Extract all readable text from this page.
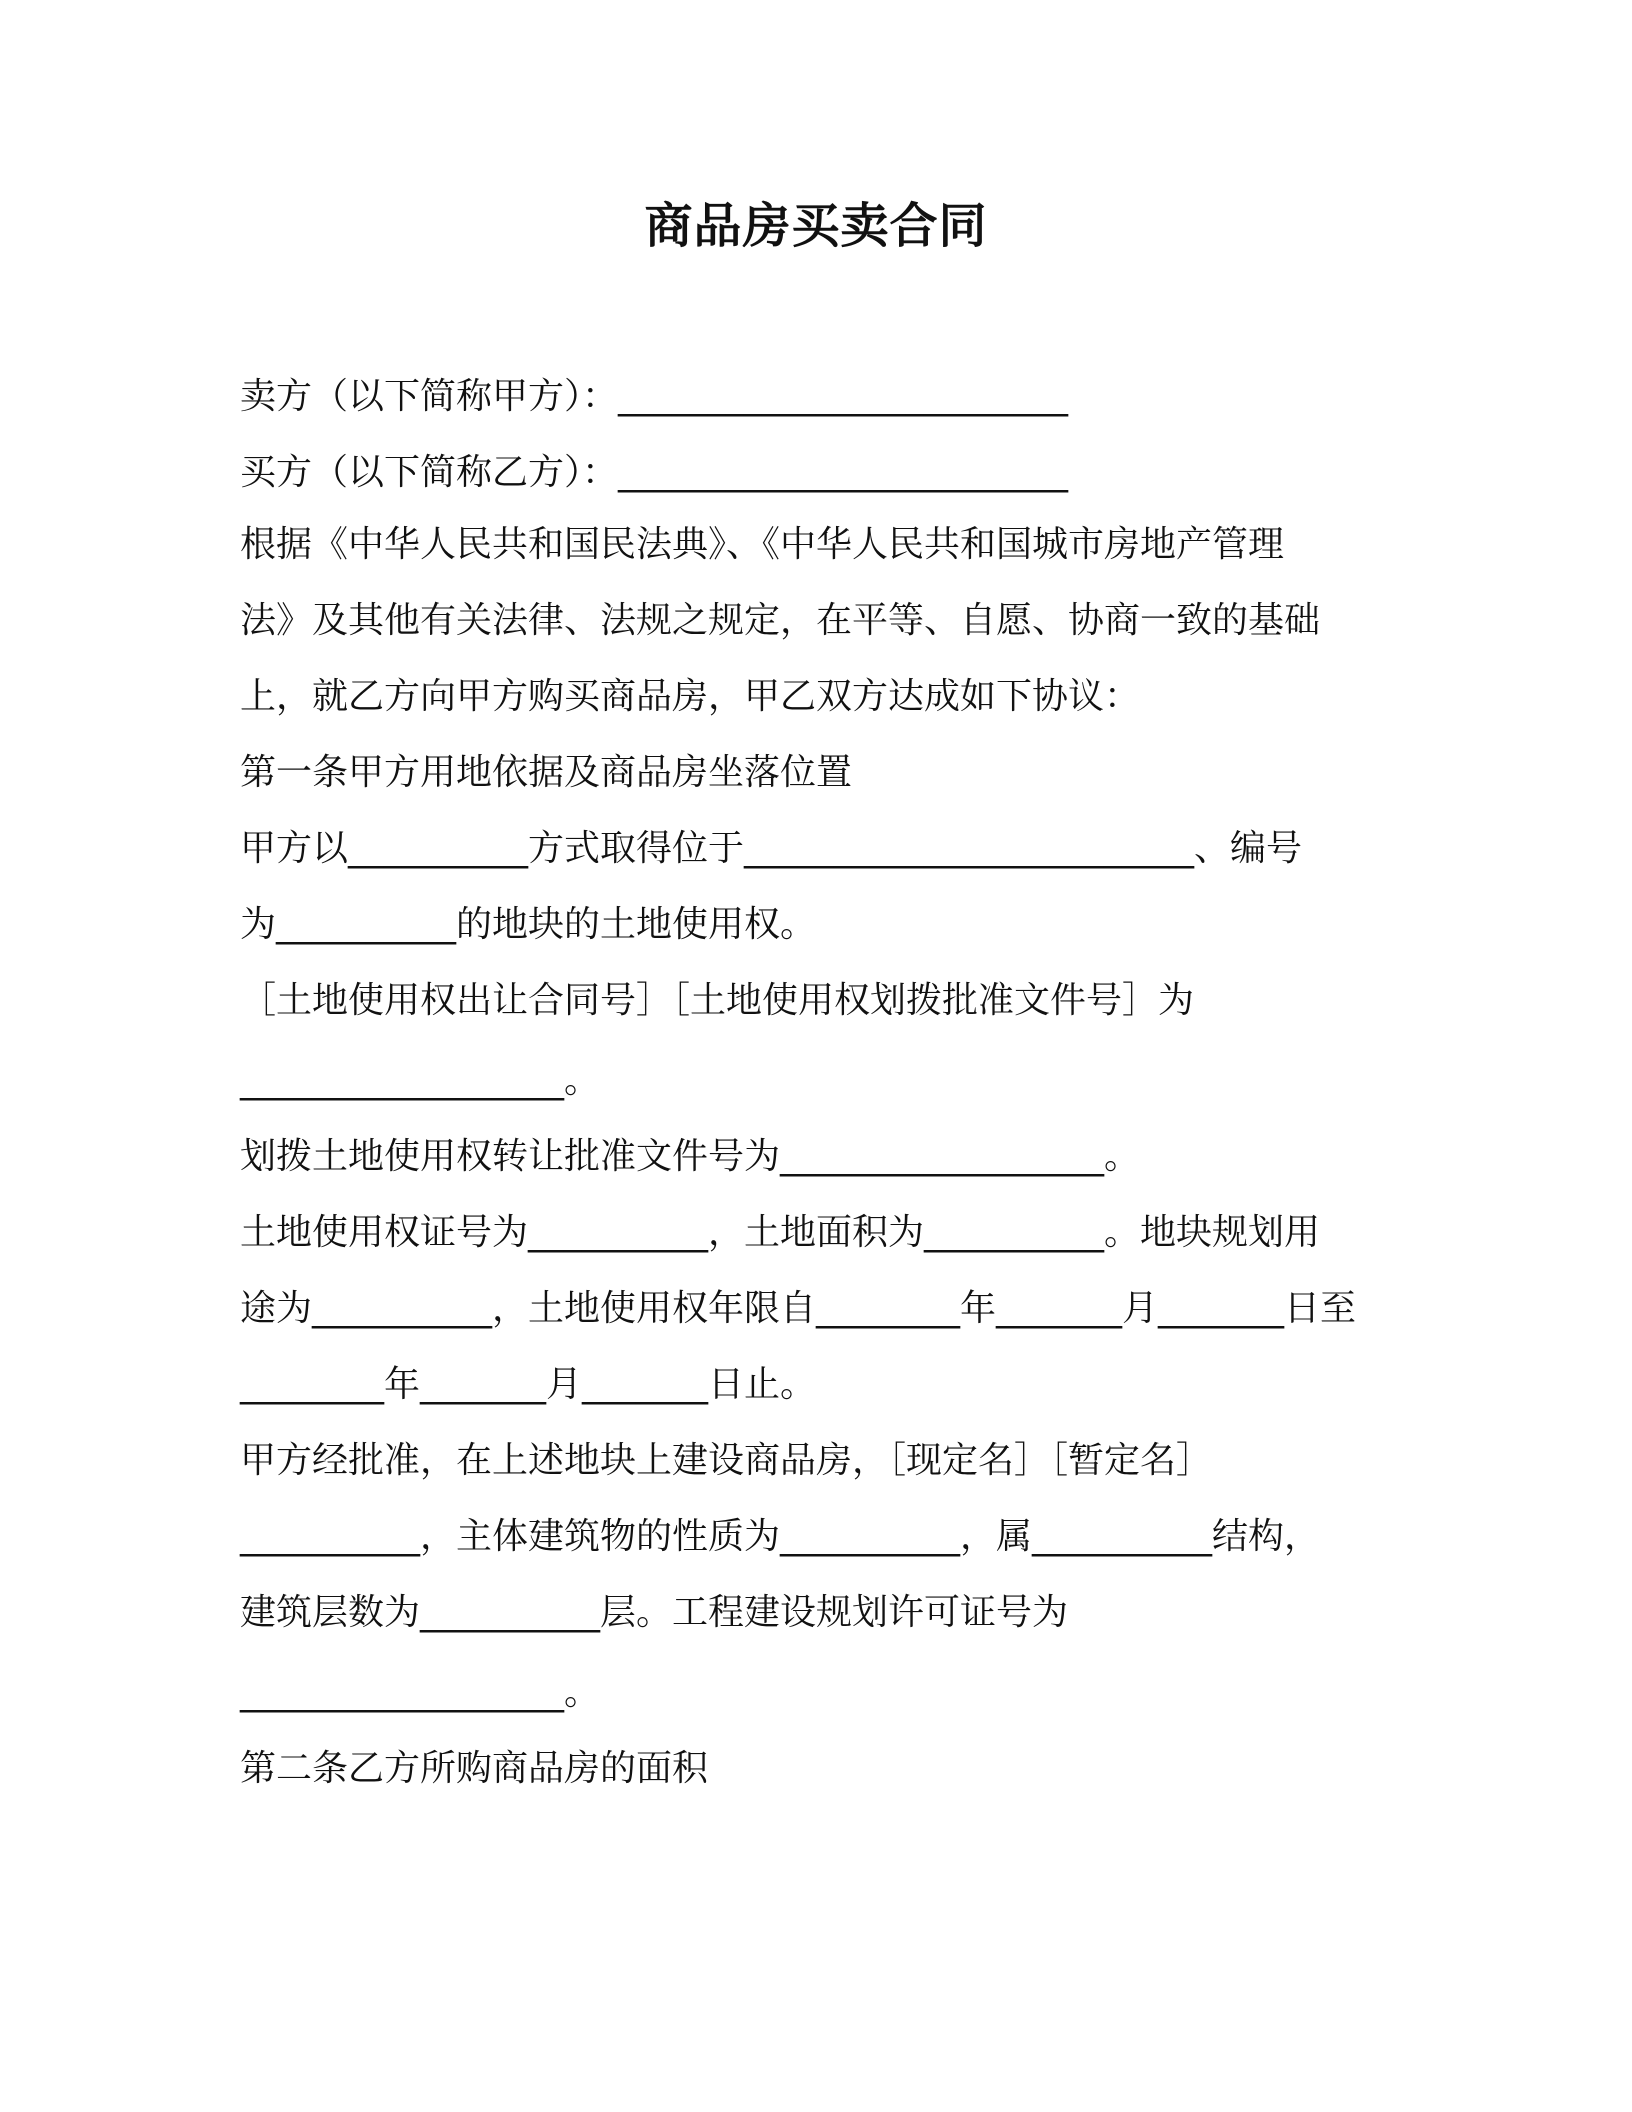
商品房买卖合同
卖方（以下简称甲方）：_________________________
买方（以下简称乙方）：_________________________
根据《中华人民共和国民法典》、《中华人民共和国城市房地产管理
法》及其他有关法律、法规之规定，在平等、自愿、协商一致的基础
上，就乙方向甲方购买商品房，甲乙双方达成如下协议：
第一条甲方用地依据及商品房坐落位置
甲方以__________方式取得位于_________________________、编号
为__________的地块的土地使用权。
［土地使用权出让合同号］［土地使用权划拨批准文件号］为
__________________。
划拨土地使用权转让批准文件号为__________________。
土地使用权证号为__________，土地面积为__________。地块规划用
途为__________，土地使用权年限自________年_______月_______日至
________年_______月_______日止。
甲方经批准，在上述地块上建设商品房，［现定名］［暂定名］
__________，主体建筑物的性质为__________，属__________结构，
建筑层数为__________层。工程建设规划许可证号为
__________________。
第二条乙方所购商品房的面积
